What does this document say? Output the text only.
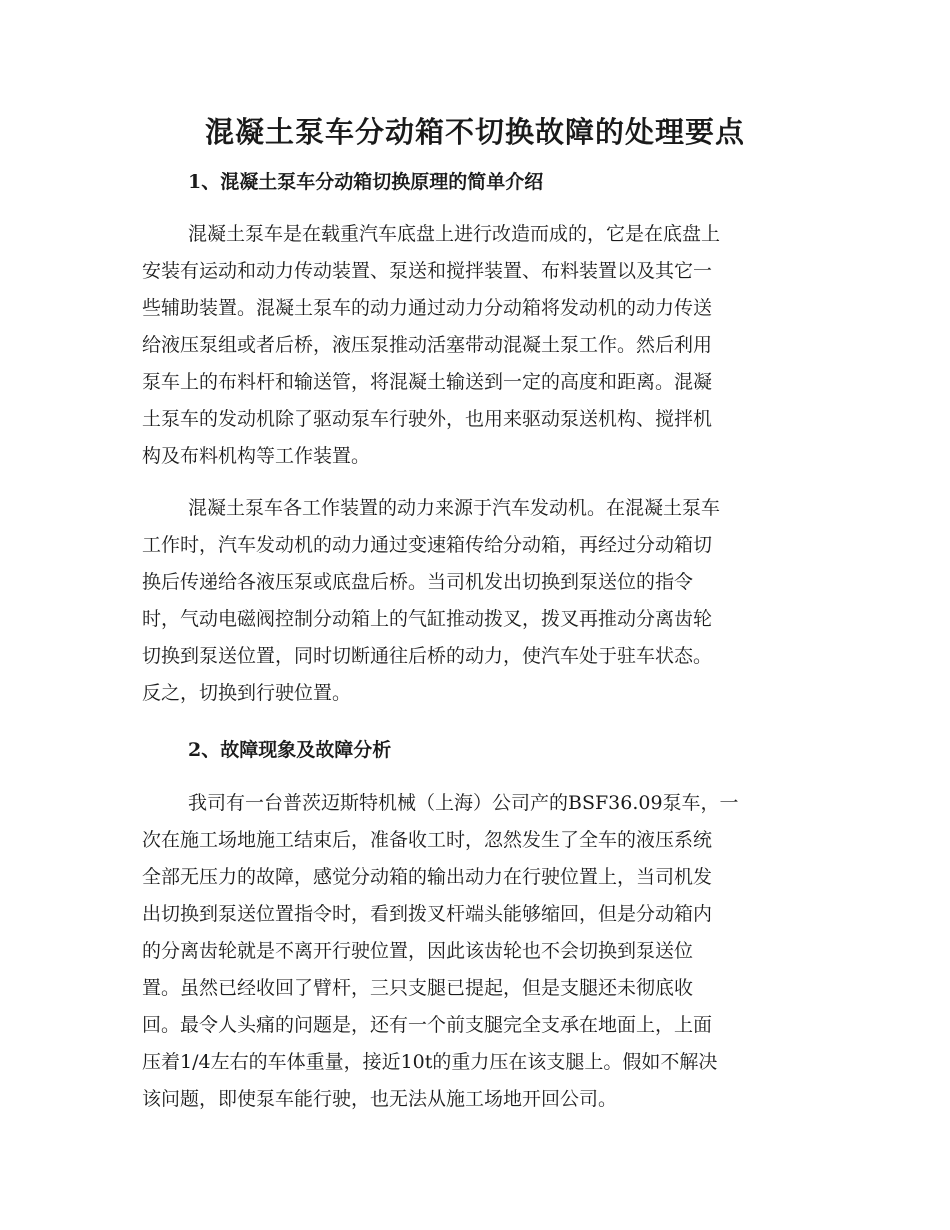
混凝土泵车分动箱不切换故障的处理要点
1、混凝土泵车分动箱切换原理的简单介绍

混凝土泵车是在载重汽车底盘上进行改造而成的，它是在底盘上
安装有运动和动力传动装置、泵送和搅拌装置、布料装置以及其它一
些辅助装置。混凝土泵车的动力通过动力分动箱将发动机的动力传送
给液压泵组或者后桥，液压泵推动活塞带动混凝土泵工作。然后利用
泵车上的布料杆和输送管，将混凝土输送到一定的高度和距离。混凝
土泵车的发动机除了驱动泵车行驶外，也用来驱动泵送机构、搅拌机
构及布料机构等工作装置。

混凝土泵车各工作装置的动力来源于汽车发动机。在混凝土泵车
工作时，汽车发动机的动力通过变速箱传给分动箱，再经过分动箱切
换后传递给各液压泵或底盘后桥。当司机发出切换到泵送位的指令
时，气动电磁阀控制分动箱上的气缸推动拨叉，拨叉再推动分离齿轮
切换到泵送位置，同时切断通往后桥的动力，使汽车处于驻车状态。
反之，切换到行驶位置。

2、故障现象及故障分析

我司有一台普茨迈斯特机械（上海）公司产的BSF36.09泵车，一
次在施工场地施工结束后，准备收工时，忽然发生了全车的液压系统
全部无压力的故障，感觉分动箱的输出动力在行驶位置上，当司机发
出切换到泵送位置指令时，看到拨叉杆端头能够缩回，但是分动箱内
的分离齿轮就是不离开行驶位置，因此该齿轮也不会切换到泵送位
置。虽然已经收回了臂杆，三只支腿已提起，但是支腿还未彻底收
回。最令人头痛的问题是，还有一个前支腿完全支承在地面上，上面
压着1/4左右的车体重量，接近10t的重力压在该支腿上。假如不解决
该问题，即使泵车能行驶，也无法从施工场地开回公司。
